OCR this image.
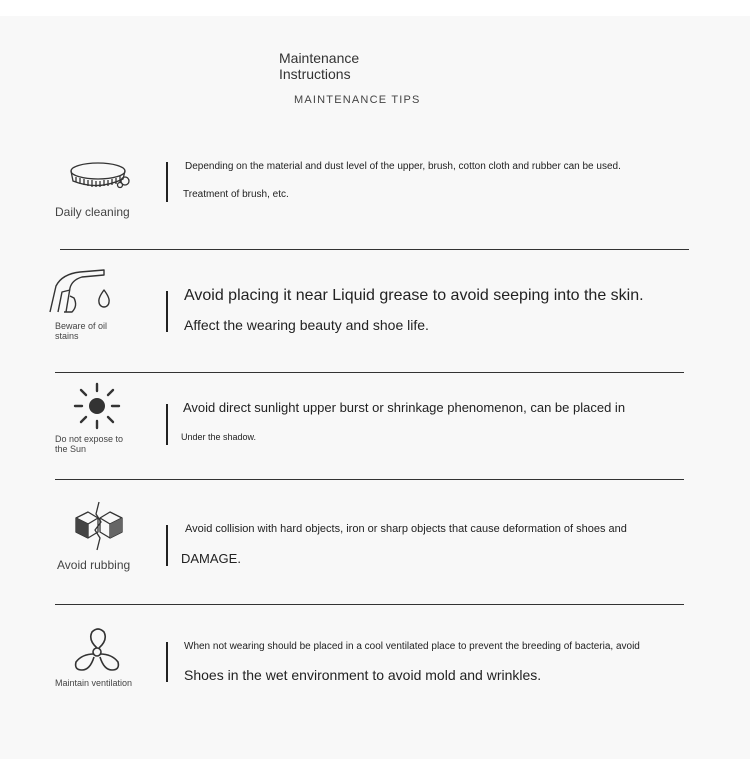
Maintenance Instructions
MAINTENANCE TIPS
Daily cleaning
Depending on the material and dust level of the upper, brush, cotton cloth and rubber can be used.
Treatment of brush, etc.
Beware of oil stains
Avoid placing it near Liquid grease to avoid seeping into the skin.
Affect the wearing beauty and shoe life.
Do not expose to the Sun
Avoid direct sunlight upper burst or shrinkage phenomenon, can be placed in
Under the shadow.
Avoid rubbing
Avoid collision with hard objects, iron or sharp objects that cause deformation of shoes and
DAMAGE.
Maintain ventilation
When not wearing should be placed in a cool ventilated place to prevent the breeding of bacteria, avoid
Shoes in the wet environment to avoid mold and wrinkles.
